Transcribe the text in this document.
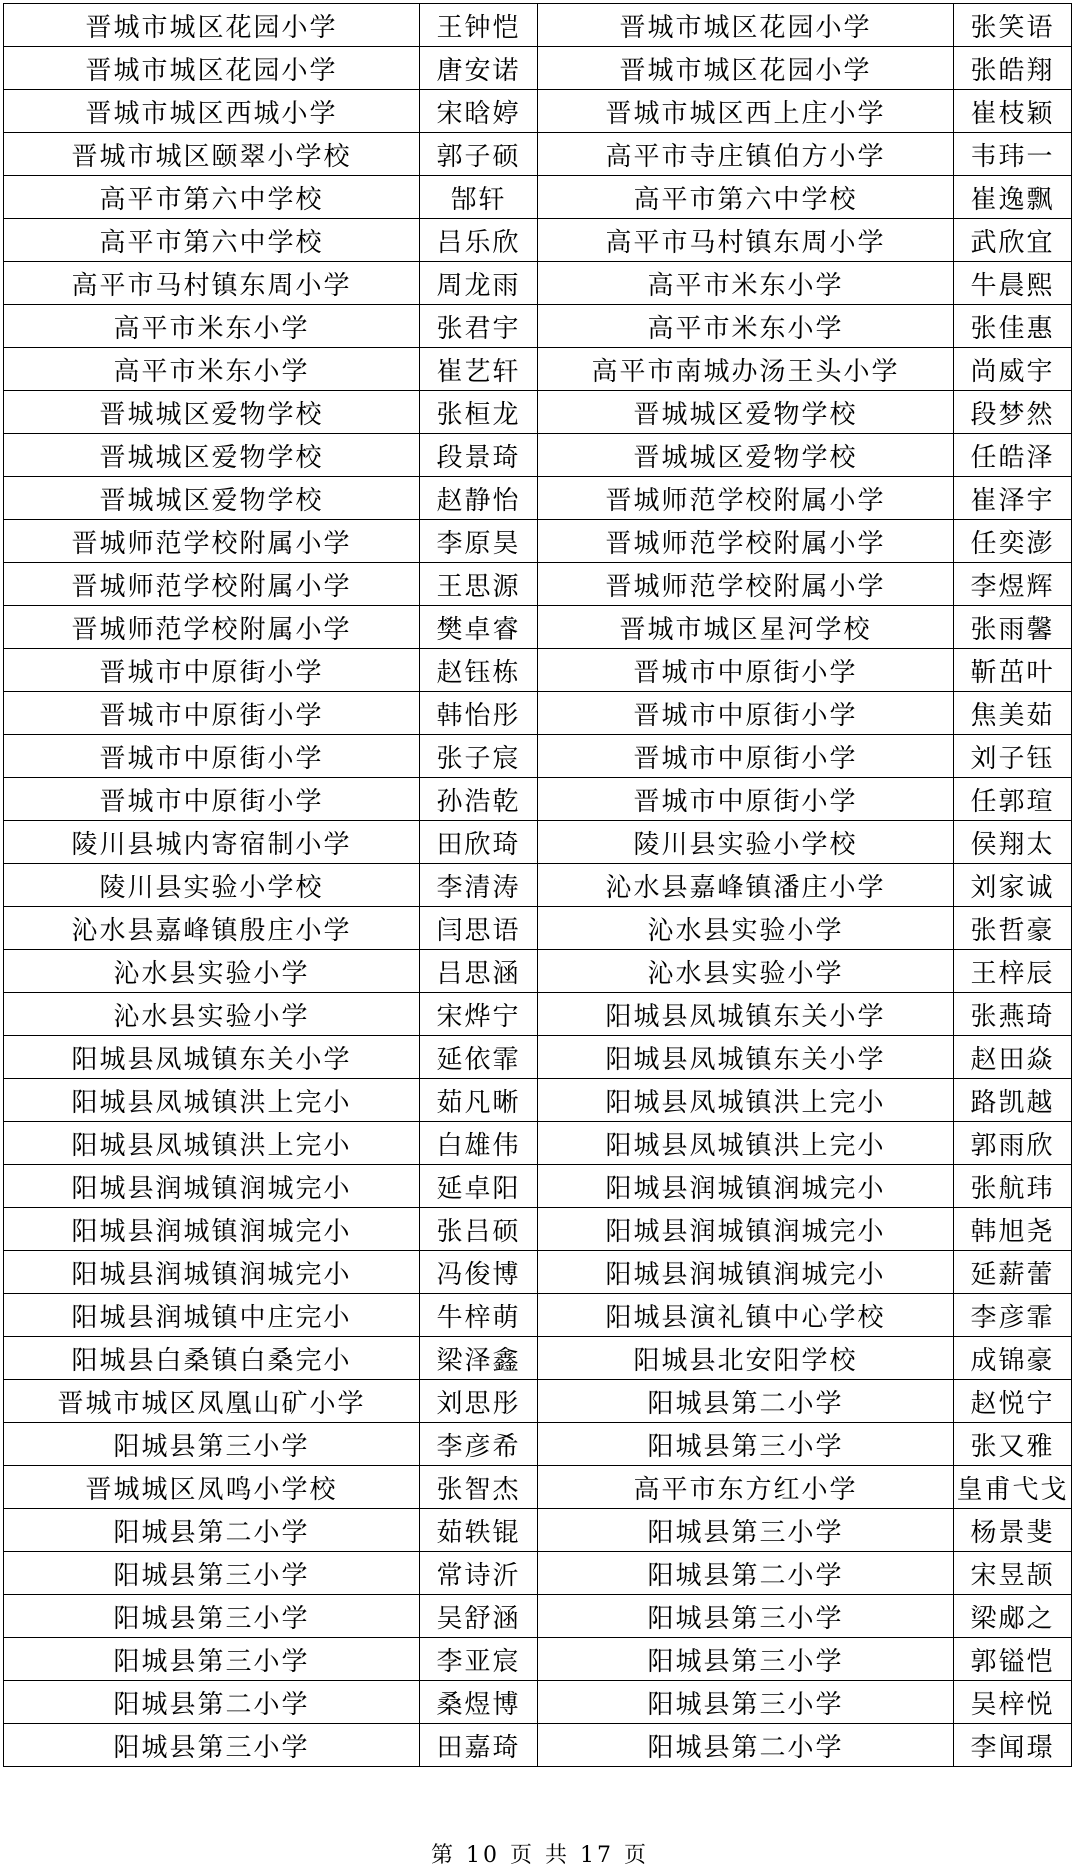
晋城市城区花园小学	王钟恺	晋城市城区花园小学	张笑语
晋城市城区花园小学	唐安诺	晋城市城区花园小学	张皓翔
晋城市城区西城小学	宋晗婷	晋城市城区西上庄小学	崔枝颖
晋城市城区颐翠小学校	郭子硕	高平市寺庄镇伯方小学	韦玮一
高平市第六中学校	郜轩	高平市第六中学校	崔逸飘
高平市第六中学校	吕乐欣	高平市马村镇东周小学	武欣宜
高平市马村镇东周小学	周龙雨	高平市米东小学	牛晨熙
高平市米东小学	张君宇	高平市米东小学	张佳惠
高平市米东小学	崔艺轩	高平市南城办汤王头小学	尚威宇
晋城城区爱物学校	张桓龙	晋城城区爱物学校	段梦然
晋城城区爱物学校	段景琦	晋城城区爱物学校	任皓泽
晋城城区爱物学校	赵静怡	晋城师范学校附属小学	崔泽宇
晋城师范学校附属小学	李原昊	晋城师范学校附属小学	任奕澎
晋城师范学校附属小学	王思源	晋城师范学校附属小学	李煜辉
晋城师范学校附属小学	樊卓睿	晋城市城区星河学校	张雨馨
晋城市中原街小学	赵钰栋	晋城市中原街小学	靳茁叶
晋城市中原街小学	韩怡彤	晋城市中原街小学	焦美茹
晋城市中原街小学	张子宸	晋城市中原街小学	刘子钰
晋城市中原街小学	孙浩乾	晋城市中原街小学	任郭瑄
陵川县城内寄宿制小学	田欣琦	陵川县实验小学校	侯翔太
陵川县实验小学校	李清涛	沁水县嘉峰镇潘庄小学	刘家诚
沁水县嘉峰镇殷庄小学	闫思语	沁水县实验小学	张哲豪
沁水县实验小学	吕思涵	沁水县实验小学	王梓辰
沁水县实验小学	宋烨宁	阳城县凤城镇东关小学	张燕琦
阳城县凤城镇东关小学	延依霏	阳城县凤城镇东关小学	赵田焱
阳城县凤城镇洪上完小	茹凡晰	阳城县凤城镇洪上完小	路凯越
阳城县凤城镇洪上完小	白雄伟	阳城县凤城镇洪上完小	郭雨欣
阳城县润城镇润城完小	延卓阳	阳城县润城镇润城完小	张航玮
阳城县润城镇润城完小	张吕硕	阳城县润城镇润城完小	韩旭尧
阳城县润城镇润城完小	冯俊博	阳城县润城镇润城完小	延薪蕾
阳城县润城镇中庄完小	牛梓萌	阳城县演礼镇中心学校	李彦霏
阳城县白桑镇白桑完小	梁泽鑫	阳城县北安阳学校	成锦豪
晋城市城区凤凰山矿小学	刘思彤	阳城县第二小学	赵悦宁
阳城县第三小学	李彦希	阳城县第三小学	张又雅
晋城城区凤鸣小学校	张智杰	高平市东方红小学	皇甫弋戈
阳城县第二小学	茹轶锟	阳城县第三小学	杨景斐
阳城县第三小学	常诗沂	阳城县第二小学	宋昱颉
阳城县第三小学	吴舒涵	阳城县第三小学	梁郕之
阳城县第三小学	李亚宸	阳城县第三小学	郭镒恺
阳城县第二小学	桑煜博	阳城县第三小学	吴梓悦
阳城县第三小学	田嘉琦	阳城县第二小学	李闻璟
第 10 页 共 17 页
